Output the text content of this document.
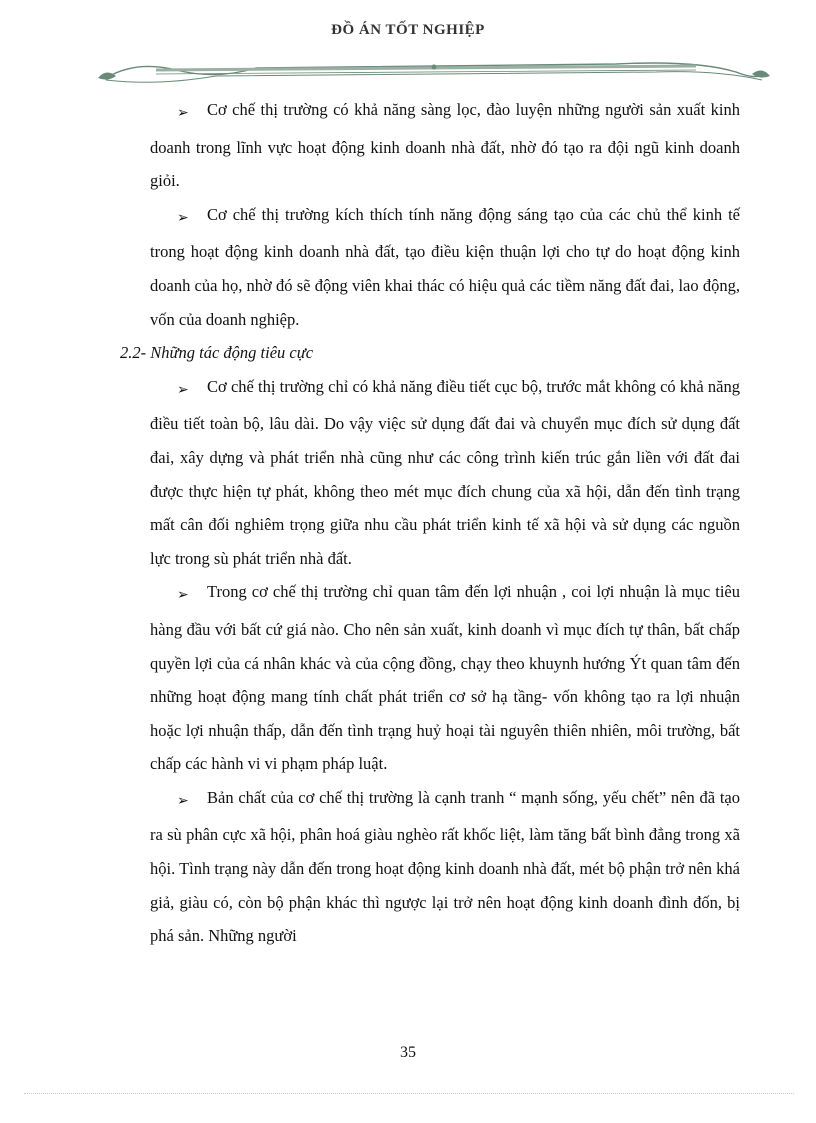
ĐỒ ÁN TỐT NGHIỆP

➢ Cơ chế thị trường có khả năng sàng lọc, đào luyện những người sản xuất kinh doanh trong lĩnh vực hoạt động kinh doanh nhà đất, nhờ đó tạo ra đội ngũ kinh doanh giỏi.

➢ Cơ chế thị trường kích thích tính năng động sáng tạo của các chủ thể kinh tế trong hoạt động kinh doanh nhà đất, tạo điều kiện thuận lợi cho tự do hoạt động kinh doanh của họ, nhờ đó sẽ động viên khai thác có hiệu quả các tiềm năng đất đai, lao động, vốn của doanh nghiệp.

2.2- Những tác động tiêu cực

➢ Cơ chế thị trường chỉ có khả năng điều tiết cục bộ, trước mắt không có khả năng điều tiết toàn bộ, lâu dài. Do vậy việc sử dụng đất đai và chuyển mục đích sử dụng đất đai, xây dựng và phát triển nhà cũng như các công trình kiến trúc gắn liền với đất đai được thực hiện tự phát, không theo mét mục đích chung của xã hội, dẫn đến tình trạng mất cân đối nghiêm trọng giữa nhu cầu phát triển kinh tế xã hội và sử dụng các nguồn lực trong sù phát triển nhà đất.

➢ Trong cơ chế thị trường chỉ quan tâm đến lợi nhuận , coi lợi nhuận là mục tiêu hàng đầu với bất cứ giá nào. Cho nên sản xuất, kinh doanh vì mục đích tự thân, bất chấp quyền lợi của cá nhân khác và của cộng đồng, chạy theo khuynh hướng Ýt quan tâm đến những hoạt động mang tính chất phát triển cơ sở hạ tầng- vốn không tạo ra lợi nhuận hoặc lợi nhuận thấp, dẫn đến tình trạng huỷ hoại tài nguyên thiên nhiên, môi trường, bất chấp các hành vi vi phạm pháp luật.

➢ Bản chất của cơ chế thị trường là cạnh tranh “ mạnh sống, yếu chết” nên đã tạo ra sù phân cực xã hội, phân hoá giàu nghèo rất khốc liệt, làm tăng bất bình đẳng trong xã hội. Tình trạng này dẫn đến trong hoạt động kinh doanh nhà đất, mét bộ phận trở nên khá giả, giàu có, còn bộ phận khác thì ngược lại trở nên hoạt động kinh doanh đình đốn, bị phá sản. Những người

35
